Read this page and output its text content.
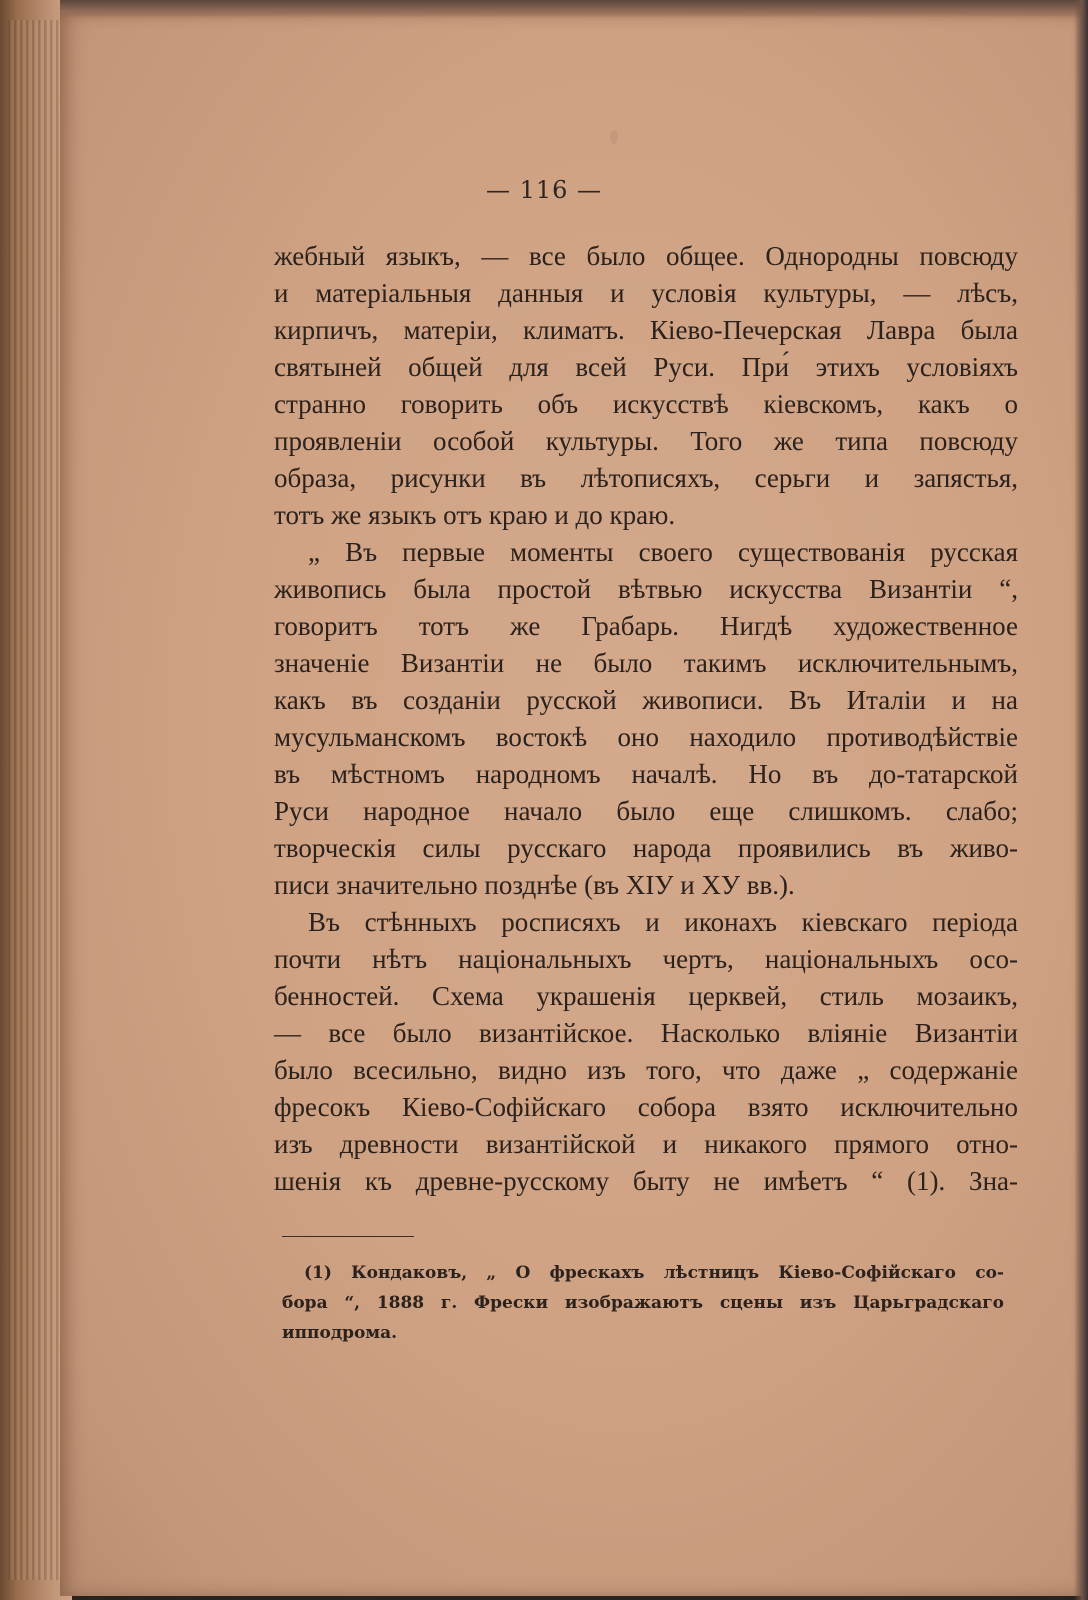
— 116 —
жебный языкъ, — все было общее. Однородны повсюду
и матеріальныя данныя и условія культуры, — лѣсъ,
кирпичъ, матеріи, климатъ. Кіево-Печерская Лавра была
святыней общей для всей Руси. При́ этихъ условіяхъ
странно говорить объ искусствѣ кіевскомъ, какъ о
проявленіи особой культуры. Того же типа повсюду
образа, рисунки въ лѣтописяхъ, серьги и запястья,
тотъ же языкъ отъ краю и до краю.
„ Въ первые моменты своего существованія русская
живопись была простой вѣтвью искусства Византіи “,
говоритъ тотъ же Грабарь. Нигдѣ художественное
значеніе Византіи не было такимъ исключительнымъ,
какъ въ созданіи русской живописи. Въ Италіи и на
мусульманскомъ востокѣ оно находило противодѣйствіе
въ мѣстномъ народномъ началѣ. Но въ до-татарской
Руси народное начало было еще слишкомъ. слабо;
творческія силы русскаго народа проявились въ живо-
писи значительно позднѣе (въ XIУ и XУ вв.).
Въ стѣнныхъ росписяхъ и иконахъ кіевскаго період‌а
почти нѣтъ національныхъ чертъ, національныхъ осо-
бенностей. Схема украшенія церквей, стиль мозаикъ,
— все было византійское. Насколько вліяніе Византіи
было всесильно, видно изъ того, что даже „ содержаніе
фресокъ Кіево-Софійскаго собора взято исключительно
изъ древности византійской и никакого прямого отно-
шенія къ древне-русскому быту не имѣетъ “ (1). Зна-
(1) Кондаковъ, „ О фрескахъ лѣстницъ Кіево-Софійскаго со-
бора “, 1888 г. Фрески изображаютъ сцены изъ Царьградскаго
ипподрома.
